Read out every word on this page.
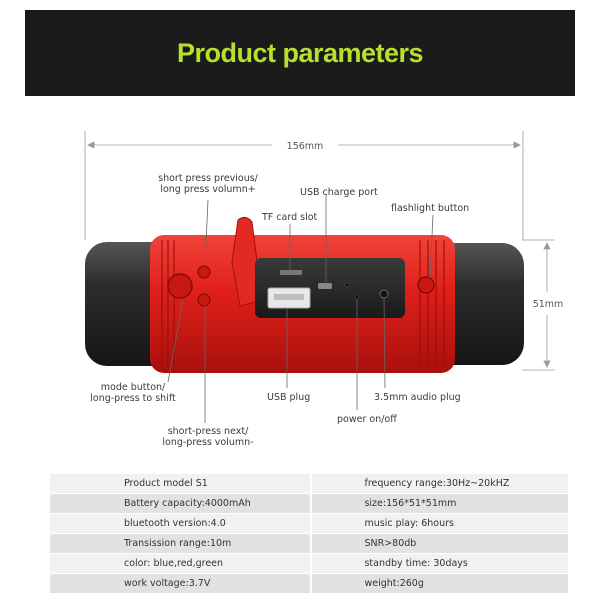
Product parameters
156mm
51mm
short press previous/
long press volumn+	USB charge port
TF card slot
flashlight button
mode button/
long-press to shift	USB plug	3.5mm audio plug
power on/off
short-press next/
long-press volumn-
Product model S1	frequency range:30Hz~20kHZ
Battery capacity:4000mAh	size:156*51*51mm
bluetooth version:4.0	music play: 6hours
Transission range:10m	SNR>80db
color: blue,red,green	standby time: 30days
work voltage:3.7V	weight:260g
